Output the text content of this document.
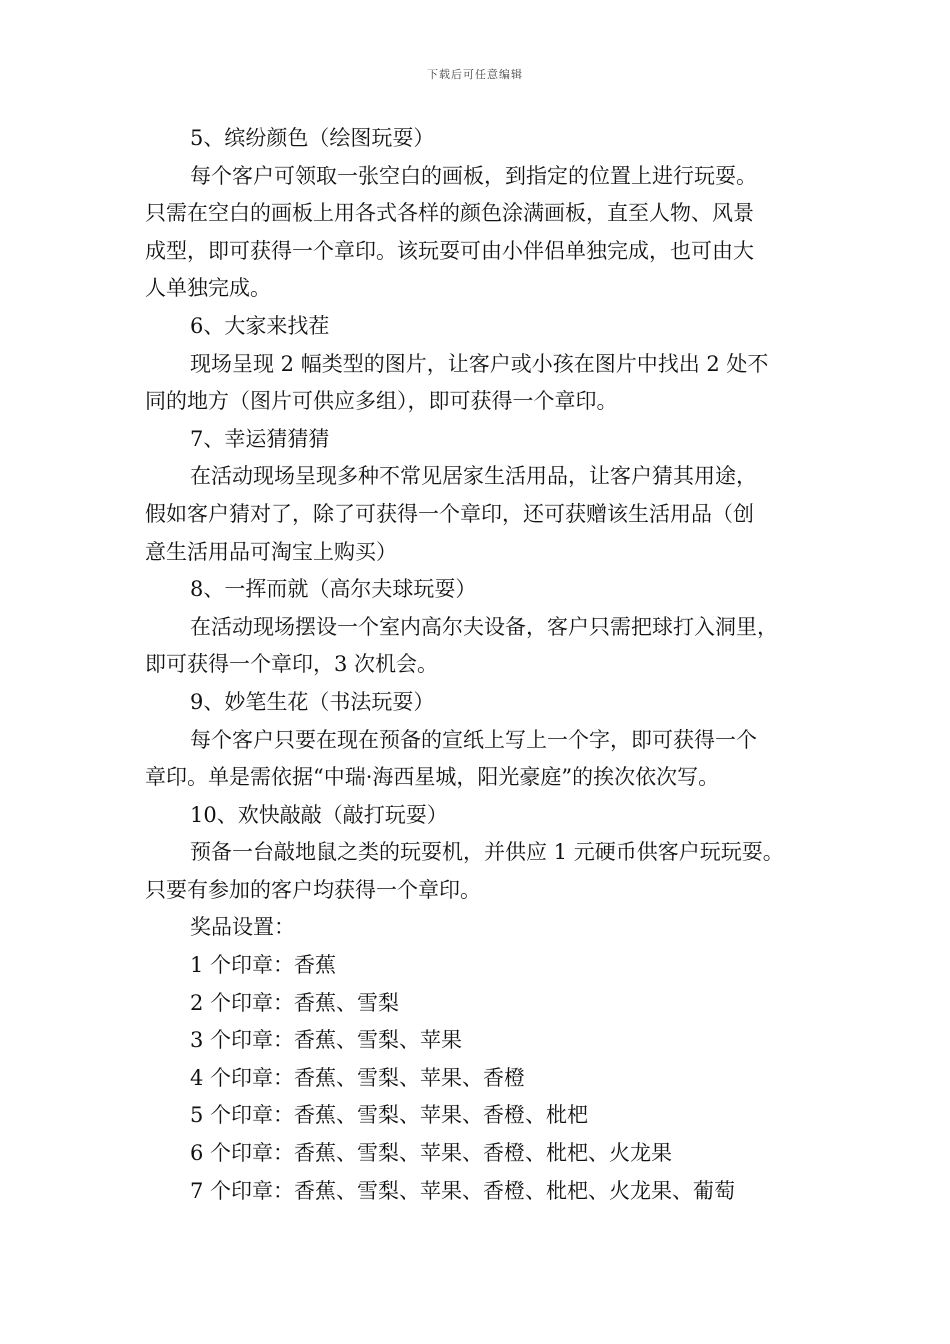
下载后可任意编辑

5、缤纷颜色（绘图玩耍）

每个客户可领取一张空白的画板，到指定的位置上进行玩耍。

只需在空白的画板上用各式各样的颜色涂满画板，直至人物、风景

成型，即可获得一个章印。该玩耍可由小伴侣单独完成，也可由大

人单独完成。

6、大家来找茬

现场呈现 2 幅类型的图片，让客户或小孩在图片中找出 2 处不

同的地方（图片可供应多组），即可获得一个章印。

7、幸运猜猜猜

在活动现场呈现多种不常见居家生活用品，让客户猜其用途，

假如客户猜对了，除了可获得一个章印，还可获赠该生活用品（创

意生活用品可淘宝上购买）

8、一挥而就（高尔夫球玩耍）

在活动现场摆设一个室内高尔夫设备，客户只需把球打入洞里，

即可获得一个章印，3 次机会。

9、妙笔生花（书法玩耍）

每个客户只要在现在预备的宣纸上写上一个字，即可获得一个

章印。单是需依据“中瑞·海西星城，阳光豪庭”的挨次依次写。

10、欢快敲敲（敲打玩耍）

预备一台敲地鼠之类的玩耍机，并供应 1 元硬币供客户玩玩耍。

只要有参加的客户均获得一个章印。

奖品设置：

1 个印章：香蕉

2 个印章：香蕉、雪梨

3 个印章：香蕉、雪梨、苹果

4 个印章：香蕉、雪梨、苹果、香橙

5 个印章：香蕉、雪梨、苹果、香橙、枇杷

6 个印章：香蕉、雪梨、苹果、香橙、枇杷、火龙果

7 个印章：香蕉、雪梨、苹果、香橙、枇杷、火龙果、葡萄
